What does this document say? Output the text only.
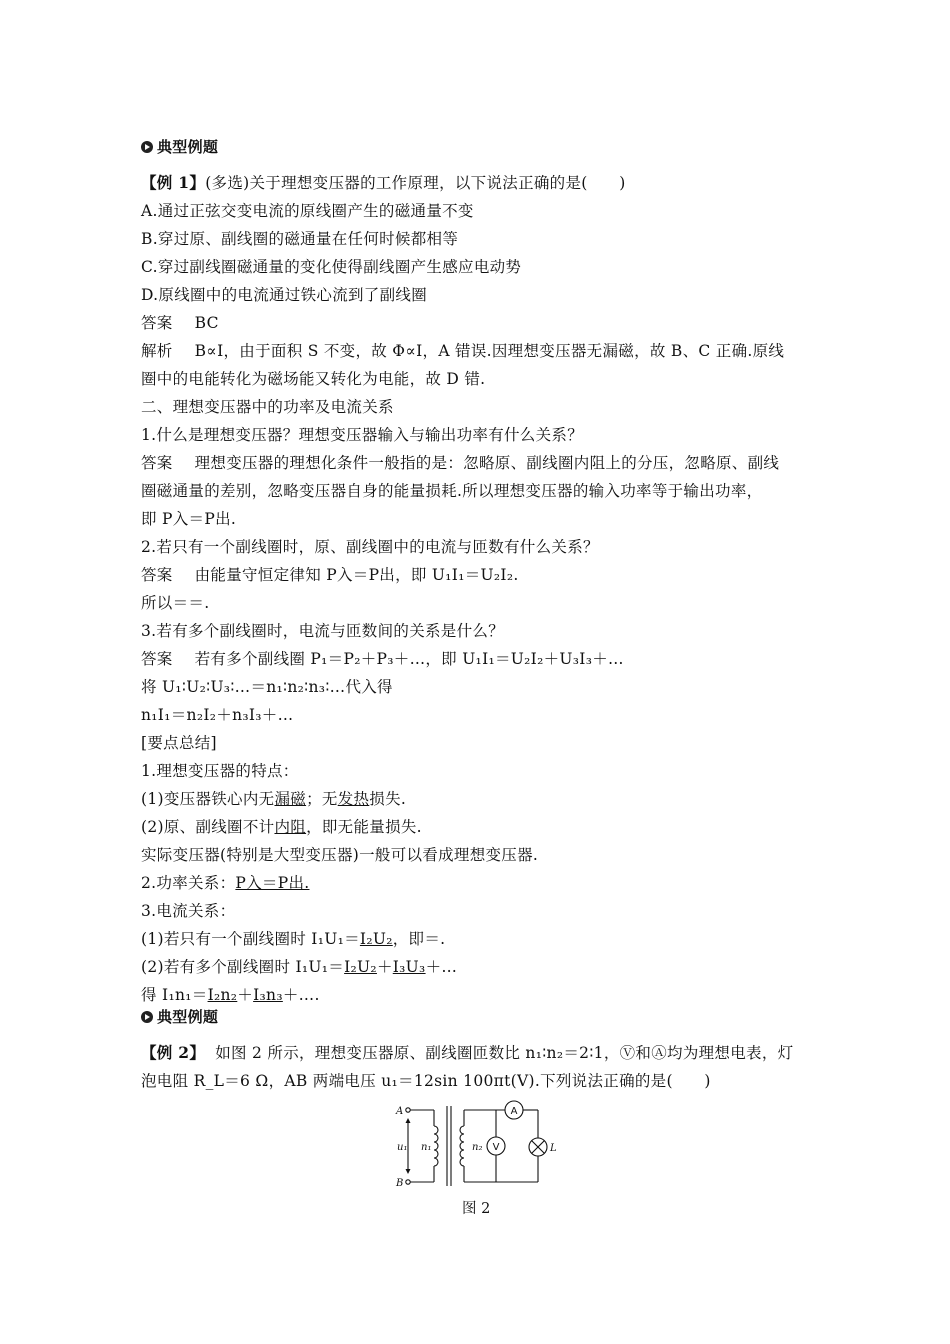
典型例题
【例 1】(多选)关于理想变压器的工作原理，以下说法正确的是(　　)
A.通过正弦交变电流的原线圈产生的磁通量不变
B.穿过原、副线圈的磁通量在任何时候都相等
C.穿过副线圈磁通量的变化使得副线圈产生感应电动势
D.原线圈中的电流通过铁心流到了副线圈
答案 BC
解析 B∝I，由于面积 S 不变，故 Φ∝I，A 错误.因理想变压器无漏磁，故 B、C 正确.原线
圈中的电能转化为磁场能又转化为电能，故 D 错.
二、理想变压器中的功率及电流关系
1.什么是理想变压器？理想变压器输入与输出功率有什么关系？
答案 理想变压器的理想化条件一般指的是：忽略原、副线圈内阻上的分压，忽略原、副线
圈磁通量的差别，忽略变压器自身的能量损耗.所以理想变压器的输入功率等于输出功率，
即 P入＝P出.
2.若只有一个副线圈时，原、副线圈中的电流与匝数有什么关系？
答案 由能量守恒定律知 P入＝P出，即 U₁I₁＝U₂I₂.
所以＝＝.
3.若有多个副线圈时，电流与匝数间的关系是什么？
答案 若有多个副线圈 P₁＝P₂＋P₃＋…，即 U₁I₁＝U₂I₂＋U₃I₃＋…
将 U₁∶U₂∶U₃∶…＝n₁∶n₂∶n₃∶…代入得
n₁I₁＝n₂I₂＋n₃I₃＋…
[要点总结]
1.理想变压器的特点：
(1)变压器铁心内无漏磁；无发热损失.
(2)原、副线圈不计内阻，即无能量损失.
实际变压器(特别是大型变压器)一般可以看成理想变压器.
2.功率关系：P入＝P出.
3.电流关系：
(1)若只有一个副线圈时 I₁U₁＝I₂U₂，即＝.
(2)若有多个副线圈时 I₁U₁＝I₂U₂＋I₃U₃＋…
得 I₁n₁＝I₂n₂＋I₃n₃＋….
典型例题
【例 2】 如图 2 所示，理想变压器原、副线圈匝数比 n₁∶n₂＝2∶1，Ⓥ和Ⓐ均为理想电表，灯
泡电阻 R_L＝6 Ω，AB 两端电压 u₁＝12sin 100πt(V).下列说法正确的是(　　)
A
B
u₁ n₁	n₂	L
A
V
图 2
